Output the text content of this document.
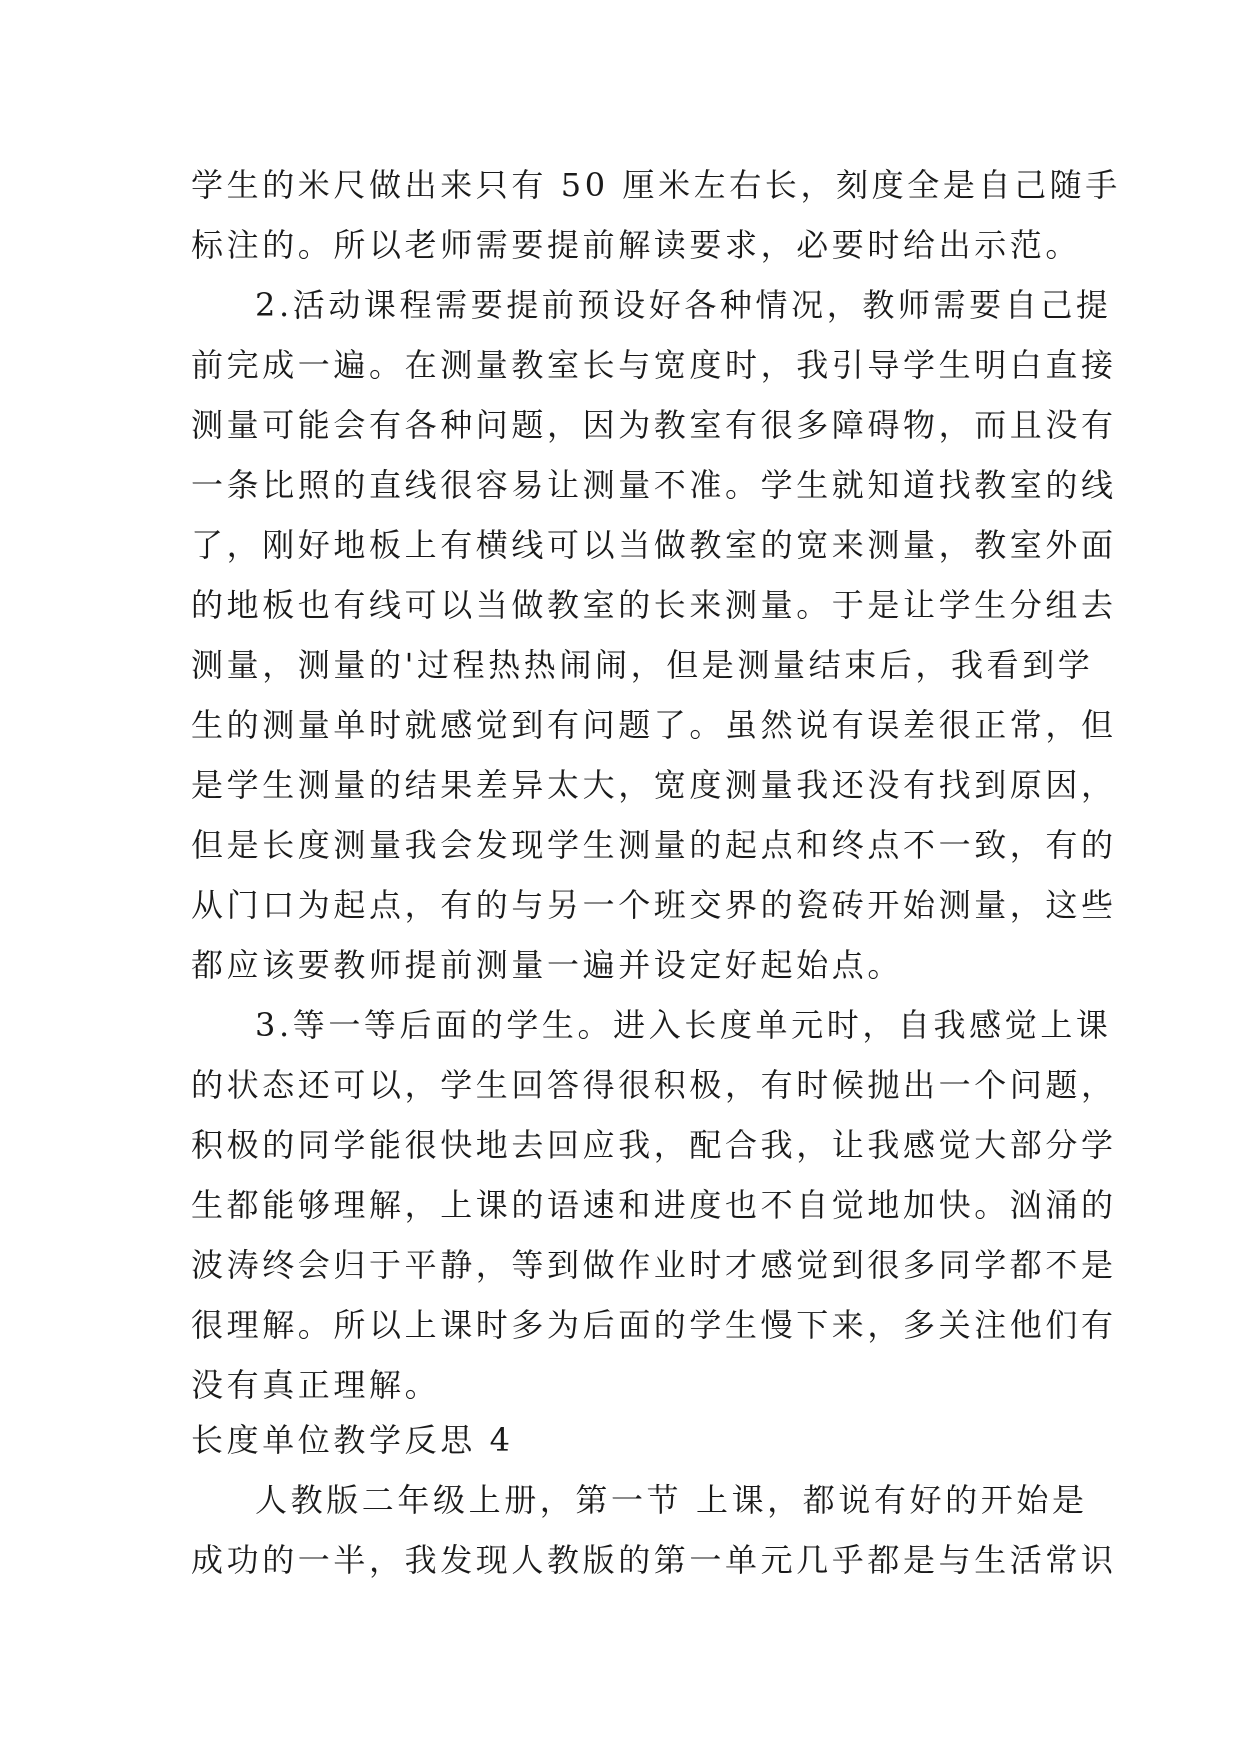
学生的米尺做出来只有 50 厘米左右长，刻度全是自己随手
标注的。所以老师需要提前解读要求，必要时给出示范。
2.活动课程需要提前预设好各种情况，教师需要自己提
前完成一遍。在测量教室长与宽度时，我引导学生明白直接
测量可能会有各种问题，因为教室有很多障碍物，而且没有
一条比照的直线很容易让测量不准。学生就知道找教室的线
了，刚好地板上有横线可以当做教室的宽来测量，教室外面
的地板也有线可以当做教室的长来测量。于是让学生分组去
测量，测量的'过程热热闹闹，但是测量结束后，我看到学
生的测量单时就感觉到有问题了。虽然说有误差很正常，但
是学生测量的结果差异太大，宽度测量我还没有找到原因，
但是长度测量我会发现学生测量的起点和终点不一致，有的
从门口为起点，有的与另一个班交界的瓷砖开始测量，这些
都应该要教师提前测量一遍并设定好起始点。
3.等一等后面的学生。进入长度单元时，自我感觉上课
的状态还可以，学生回答得很积极，有时候抛出一个问题，
积极的同学能很快地去回应我，配合我，让我感觉大部分学
生都能够理解，上课的语速和进度也不自觉地加快。汹涌的
波涛终会归于平静，等到做作业时才感觉到很多同学都不是
很理解。所以上课时多为后面的学生慢下来，多关注他们有
没有真正理解。
长度单位教学反思 4
人教版二年级上册，第一节 上课，都说有好的开始是
成功的一半，我发现人教版的第一单元几乎都是与生活常识
